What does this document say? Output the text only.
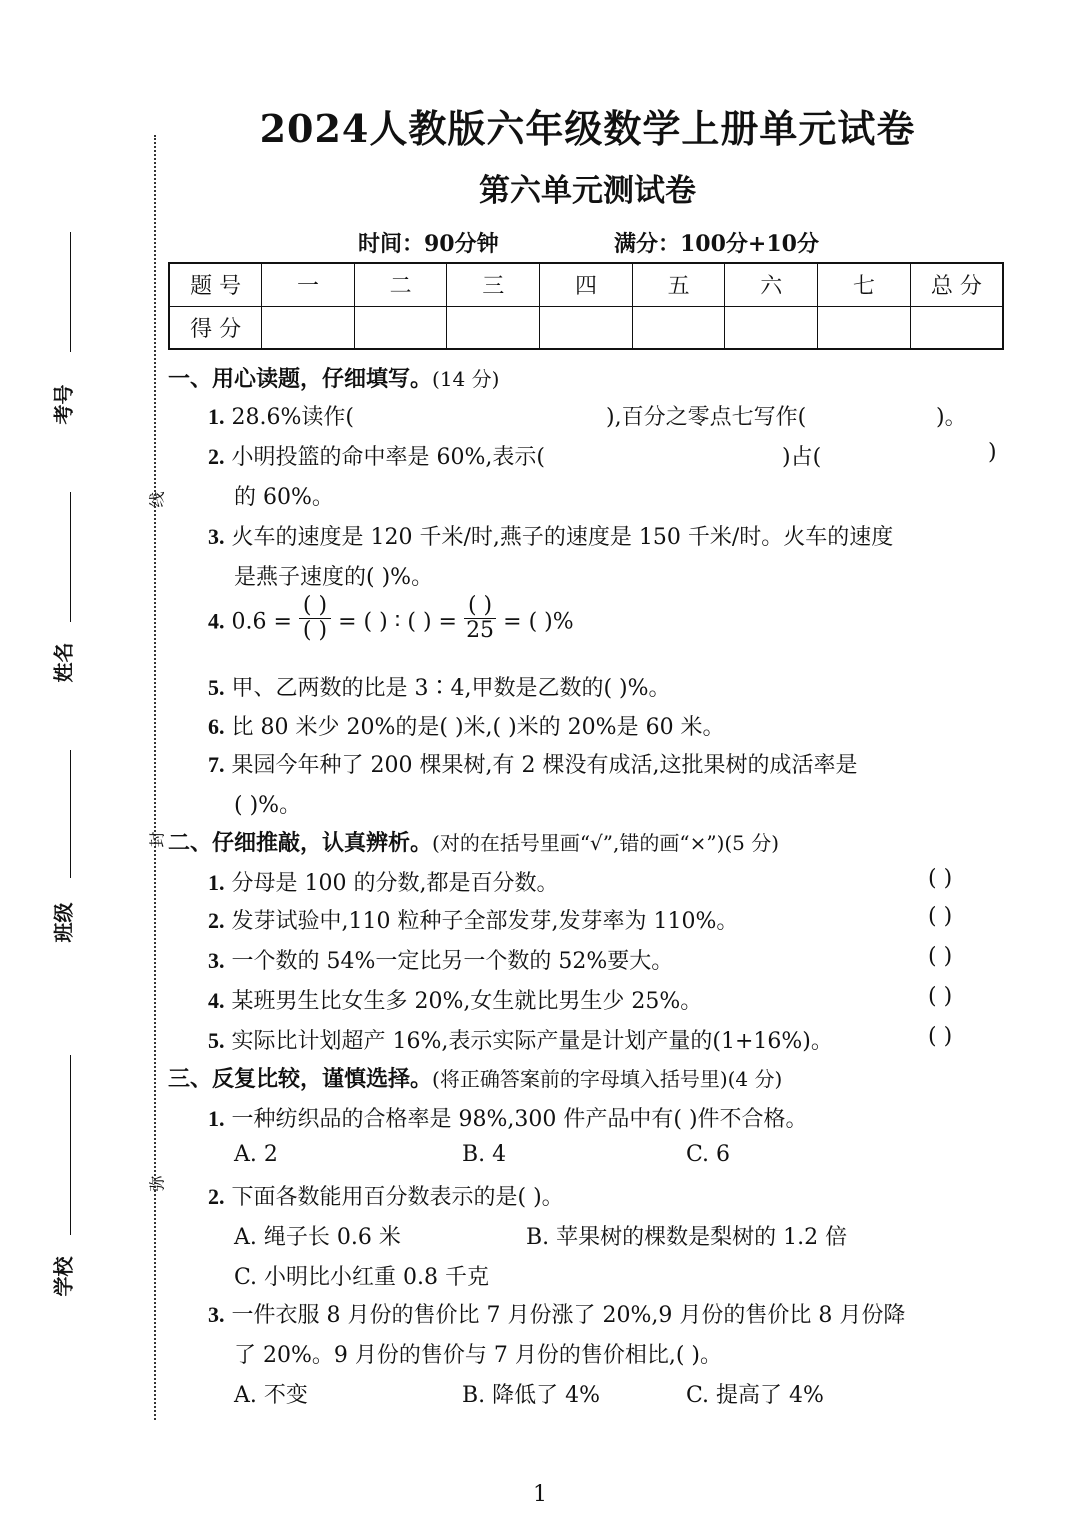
线
封
弥
考号
姓名
班级
学校
2024人教版六年级数学上册单元试卷
第六单元测试卷
时间：90分钟	满分：100分+10分
题 号	一	二	三	四	五	六	七	总 分
得 分								
一、用心读题，仔细填写。(14 分)
1. 28.6%读作(	),百分之零点七写作(	)。
2. 小明投篮的命中率是 60%,表示(	)占(	)
的 60%。
3. 火车的速度是 120 千米/时,燕子的速度是 150 千米/时。火车的速度
是燕子速度的( )%。
4. $0.6 = \frac{( )}{( )}$ = ( ) ∶ ( ) = $\frac{( )}{25}$ = ( )%
5. 甲、乙两数的比是 3∶4,甲数是乙数的( )%。
6. 比 80 米少 20%的是( )米,( )米的 20%是 60 米。
7. 果园今年种了 200 棵果树,有 2 棵没有成活,这批果树的成活率是
( )%。
二、仔细推敲，认真辨析。(对的在括号里画“√”,错的画“×”)(5 分)
1. 分母是 100 的分数,都是百分数。	( )
2. 发芽试验中,110 粒种子全部发芽,发芽率为 110%。	( )
3. 一个数的 54%一定比另一个数的 52%要大。	( )
4. 某班男生比女生多 20%,女生就比男生少 25%。	( )
5. 实际比计划超产 16%,表示实际产量是计划产量的(1+16%)。	( )
三、反复比较，谨慎选择。(将正确答案前的字母填入括号里)(4 分)
1. 一种纺织品的合格率是 98%,300 件产品中有( )件不合格。
A. 2	B. 4	C. 6
2. 下面各数能用百分数表示的是( )。
A. 绳子长 0.6 米	B. 苹果树的棵数是梨树的 1.2 倍
C. 小明比小红重 0.8 千克
3. 一件衣服 8 月份的售价比 7 月份涨了 20%,9 月份的售价比 8 月份降
了 20%。9 月份的售价与 7 月份的售价相比,( )。
A. 不变	B. 降低了 4%	C. 提高了 4%
1
